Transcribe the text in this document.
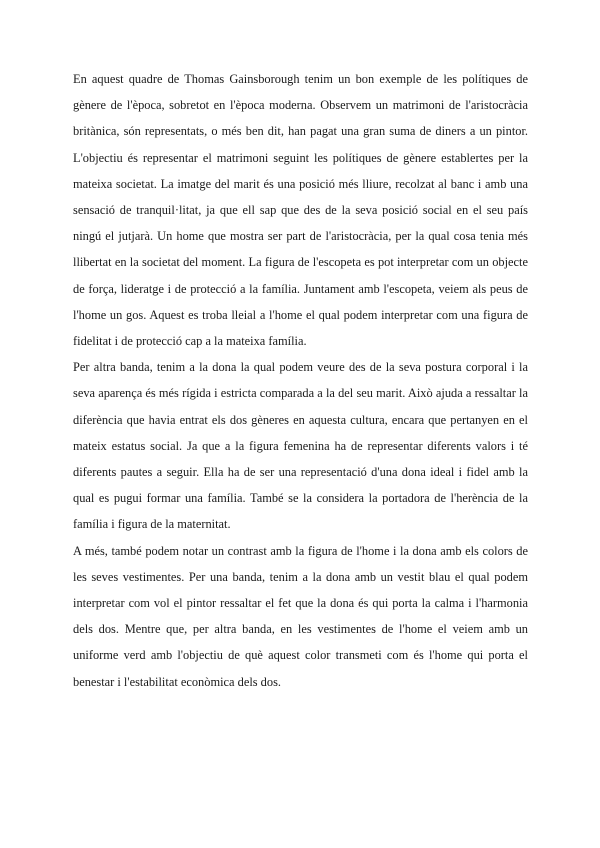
En aquest quadre de Thomas Gainsborough tenim un bon exemple de les polítiques de gènere de l'època, sobretot en l'època moderna. Observem un matrimoni de l'aristocràcia britànica, són representats, o més ben dit, han pagat una gran suma de diners a un pintor. L'objectiu és representar el matrimoni seguint les polítiques de gènere establertes per la mateixa societat. La imatge del marit és una posició més lliure, recolzat al banc i amb una sensació de tranquil·litat, ja que ell sap que des de la seva posició social en el seu país ningú el jutjarà. Un home que mostra ser part de l'aristocràcia, per la qual cosa tenia més llibertat en la societat del moment. La figura de l'escopeta es pot interpretar com un objecte de força, lideratge i de protecció a la família. Juntament amb l'escopeta, veiem als peus de l'home un gos. Aquest es troba lleial a l'home el qual podem interpretar com una figura de fidelitat i de protecció cap a la mateixa família.

Per altra banda, tenim a la dona la qual podem veure des de la seva postura corporal i la seva aparença és més rígida i estricta comparada a la del seu marit. Això ajuda a ressaltar la diferència que havia entrat els dos gèneres en aquesta cultura, encara que pertanyen en el mateix estatus social. Ja que a la figura femenina ha de representar diferents valors i té diferents pautes a seguir. Ella ha de ser una representació d'una dona ideal i fidel amb la qual es pugui formar una família. També se la considera la portadora de l'herència de la família i figura de la maternitat.

A més, també podem notar un contrast amb la figura de l'home i la dona amb els colors de les seves vestimentes. Per una banda, tenim a la dona amb un vestit blau el qual podem interpretar com vol el pintor ressaltar el fet que la dona és qui porta la calma i l'harmonia dels dos. Mentre que, per altra banda, en les vestimentes de l'home el veiem amb un uniforme verd amb l'objectiu de què aquest color transmeti com és l'home qui porta el benestar i l'estabilitat econòmica dels dos.
